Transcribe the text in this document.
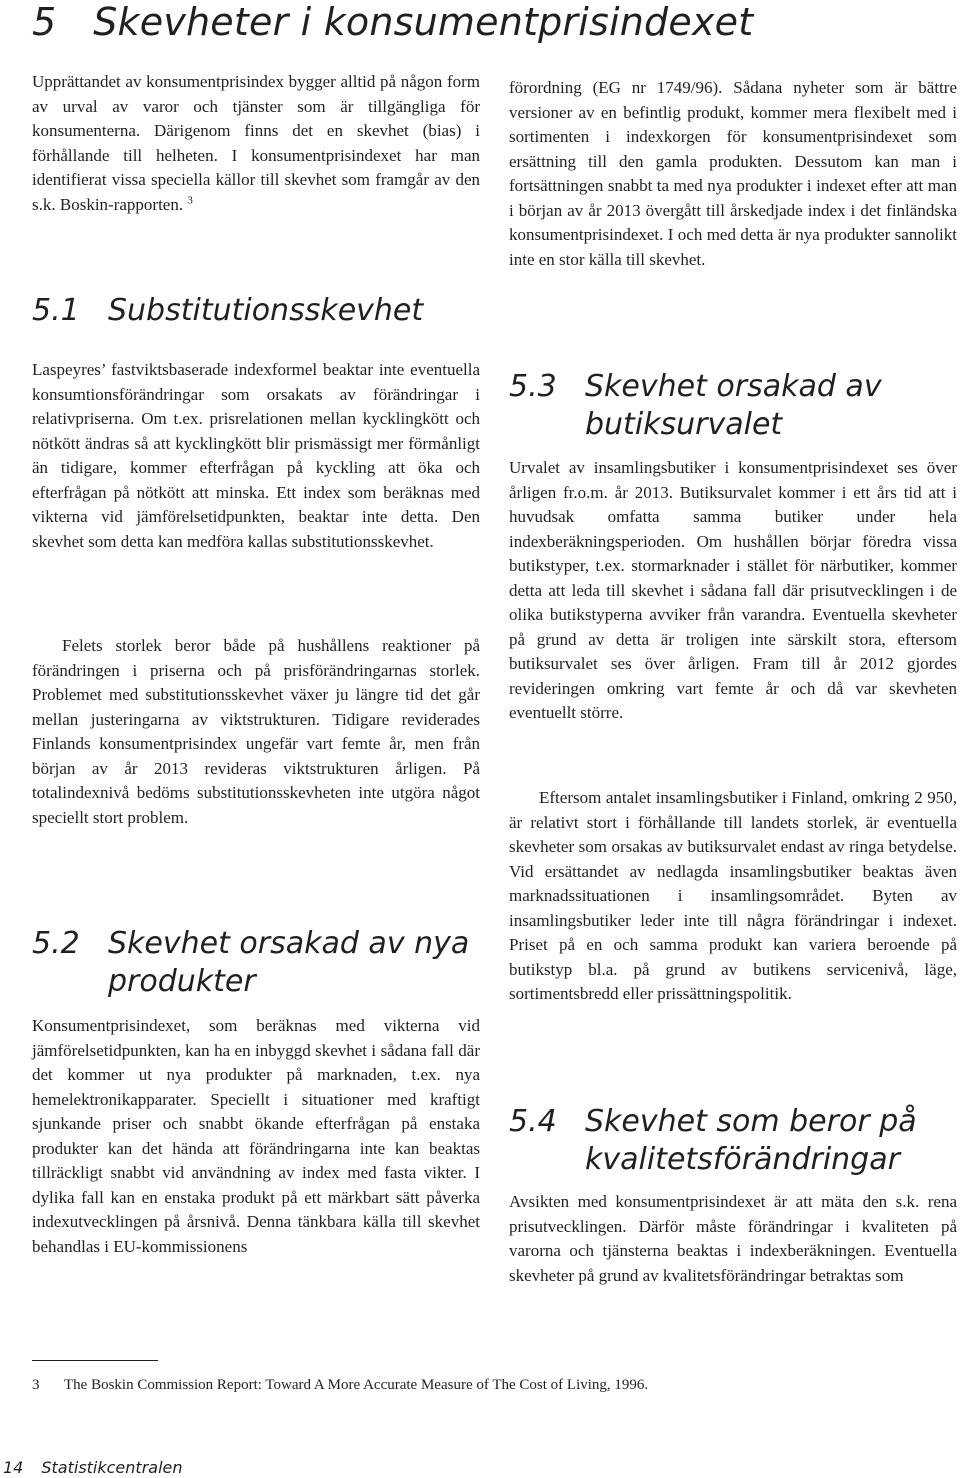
5 Skevheter i konsumentprisindexet

Upprättandet av konsumentprisindex bygger alltid på någon form av urval av varor och tjänster som är tillgängliga för konsumenterna. Därigenom finns det en skevhet (bias) i förhållande till helheten. I konsumentprisindexet har man identifierat vissa speciella källor till skevhet som framgår av den s.k. Boskin-rapporten. $^3$

5.1 Substitutionsskevhet

Laspeyres’ fastviktsbaserade indexformel beaktar inte eventuella konsumtionsförändringar som orsakats av förändringar i relativpriserna. Om t.ex. prisrelationen mellan kycklingkött och nötkött ändras så att kycklingkött blir prismässigt mer förmånligt än tidigare, kommer efterfrågan på kyckling att öka och efterfrågan på nötkött att minska. Ett index som beräknas med vikterna vid jämförelsetidpunkten, beaktar inte detta. Den skevhet som detta kan medföra kallas substitutionsskevhet.

Felets storlek beror både på hushållens reaktioner på förändringen i priserna och på prisförändringarnas storlek. Problemet med substitutionsskevhet växer ju längre tid det går mellan justeringarna av viktstrukturen. Tidigare reviderades Finlands konsumentprisindex ungefär vart femte år, men från början av år 2013 revideras viktstrukturen årligen. På totalindexnivå bedöms substitutionsskevheten inte utgöra något speciellt stort problem.

5.2 Skevhet orsakad av nya produkter

Konsumentprisindexet, som beräknas med vikterna vid jämförelsetidpunkten, kan ha en inbyggd skevhet i sådana fall där det kommer ut nya produkter på marknaden, t.ex. nya hemelektronikapparater. Speciellt i situationer med kraftigt sjunkande priser och snabbt ökande efterfrågan på enstaka produkter kan det hända att förändringarna inte kan beaktas tillräckligt snabbt vid användning av index med fasta vikter. I dylika fall kan en enstaka produkt på ett märkbart sätt påverka indexutvecklingen på årsnivå. Denna tänkbara källa till skevhet behandlas i EU-kommissionens

förordning (EG nr 1749/96). Sådana nyheter som är bättre versioner av en befintlig produkt, kommer mera flexibelt med i sortimenten i indexkorgen för konsumentprisindexet som ersättning till den gamla produkten. Dessutom kan man i fortsättningen snabbt ta med nya produkter i indexet efter att man i början av år 2013 övergått till årskedjade index i det finländska konsumentprisindexet. I och med detta är nya produkter sannolikt inte en stor källa till skevhet.

5.3 Skevhet orsakad av butiksurvalet

Urvalet av insamlingsbutiker i konsumentprisindexet ses över årligen fr.o.m. år 2013. Butiksurvalet kommer i ett års tid att i huvudsak omfatta samma butiker under hela indexberäkningsperioden. Om hushållen börjar föredra vissa butikstyper, t.ex. stormarknader i stället för närbutiker, kommer detta att leda till skevhet i sådana fall där prisutvecklingen i de olika butikstyperna avviker från varandra. Eventuella skevheter på grund av detta är troligen inte särskilt stora, eftersom butiksurvalet ses över årligen. Fram till år 2012 gjordes revideringen omkring vart femte år och då var skevheten eventuellt större.

Eftersom antalet insamlingsbutiker i Finland, omkring 2 950, är relativt stort i förhållande till landets storlek, är eventuella skevheter som orsakas av butiksurvalet endast av ringa betydelse. Vid ersättandet av nedlagda insamlingsbutiker beaktas även marknadssituationen i insamlingsområdet. Byten av insamlingsbutiker leder inte till några förändringar i indexet. Priset på en och samma produkt kan variera beroende på butikstyp bl.a. på grund av butikens servicenivå, läge, sortimentsbredd eller prissättningspolitik.

5.4 Skevhet som beror på kvalitetsförändringar

Avsikten med konsumentprisindexet är att mäta den s.k. rena prisutvecklingen. Därför måste förändringar i kvaliteten på varorna och tjänsterna beaktas i indexberäkningen. Eventuella skevheter på grund av kvalitetsförändringar betraktas som

3 The Boskin Commission Report: Toward A More Accurate Measure of The Cost of Living, 1996.
14 Statistikcentralen
